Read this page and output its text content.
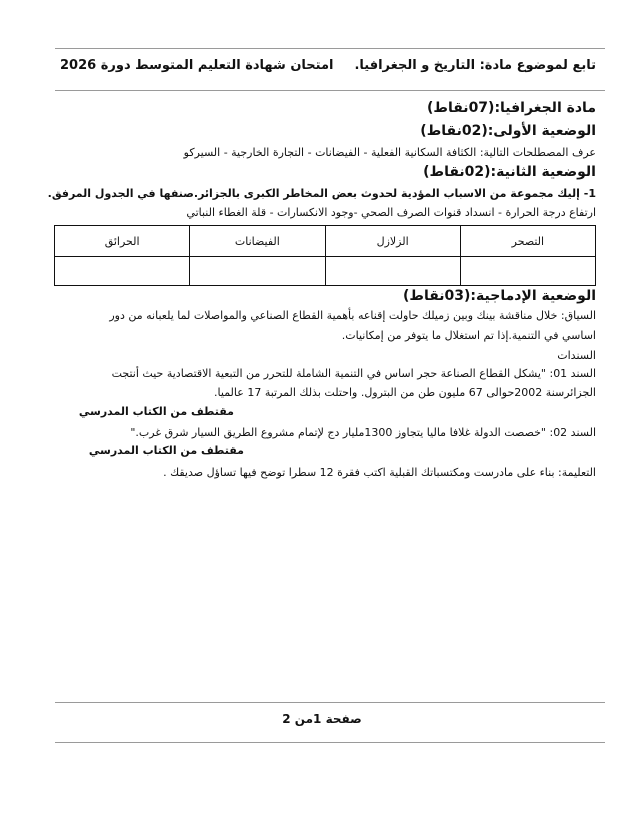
تابع لموضوع مادة: التاريخ و الجغرافيا.
امتحان شهادة التعليم المتوسط دورة 2026
مادة الجغرافيا:(07نقاط)
الوضعية الأولى:(02نقاط)
عرف المصطلحات التالية: الكثافة السكانية الفعلية - الفيضانات - التجارة الخارجية - السيركو
الوضعية الثانية:(02نقاط)
1- إليك مجموعة من الاسباب المؤدية لحدوث بعض المخاطر الكبرى بالجزائر.صنفها في الجدول المرفق.
ارتفاع درجة الحرارة - انسداد قنوات الصرف الصحي -وجود الانكسارات - قلة الغطاء النباتي
التصحر	الزلازل	الفيضانات	الحرائق

الوضعية الإدماجية:(03نقاط)
السياق: خلال مناقشة بينك وبين زميلك حاولت إقناعه بأهمية القطاع الصناعي والمواصلات لما يلعبانه من دور
اساسي في التنمية.إذا تم استغلال ما يتوفر من إمكانيات.
السندات
السند 01: "يشكل القطاع الصناعة حجر اساس في التنمية الشاملة للتحرر من التبعية الاقتصادية حيث أنتجت
الجزائرسنة 2002حوالى 67 مليون طن من البترول. واحتلت بذلك المرتبة 17 عالميا.
مقتطف من الكتاب المدرسي
السند 02: "خصصت الدولة غلافا ماليا يتجاوز 1300مليار دج لإتمام مشروع الطريق السيار شرق غرب."
مقتطف من الكتاب المدرسي
التعليمة: بناء على مادرست ومكتسباتك القبلية اكتب فقرة 12 سطرا توضح فيها تساؤل صديقك .
صفحة 1من 2
